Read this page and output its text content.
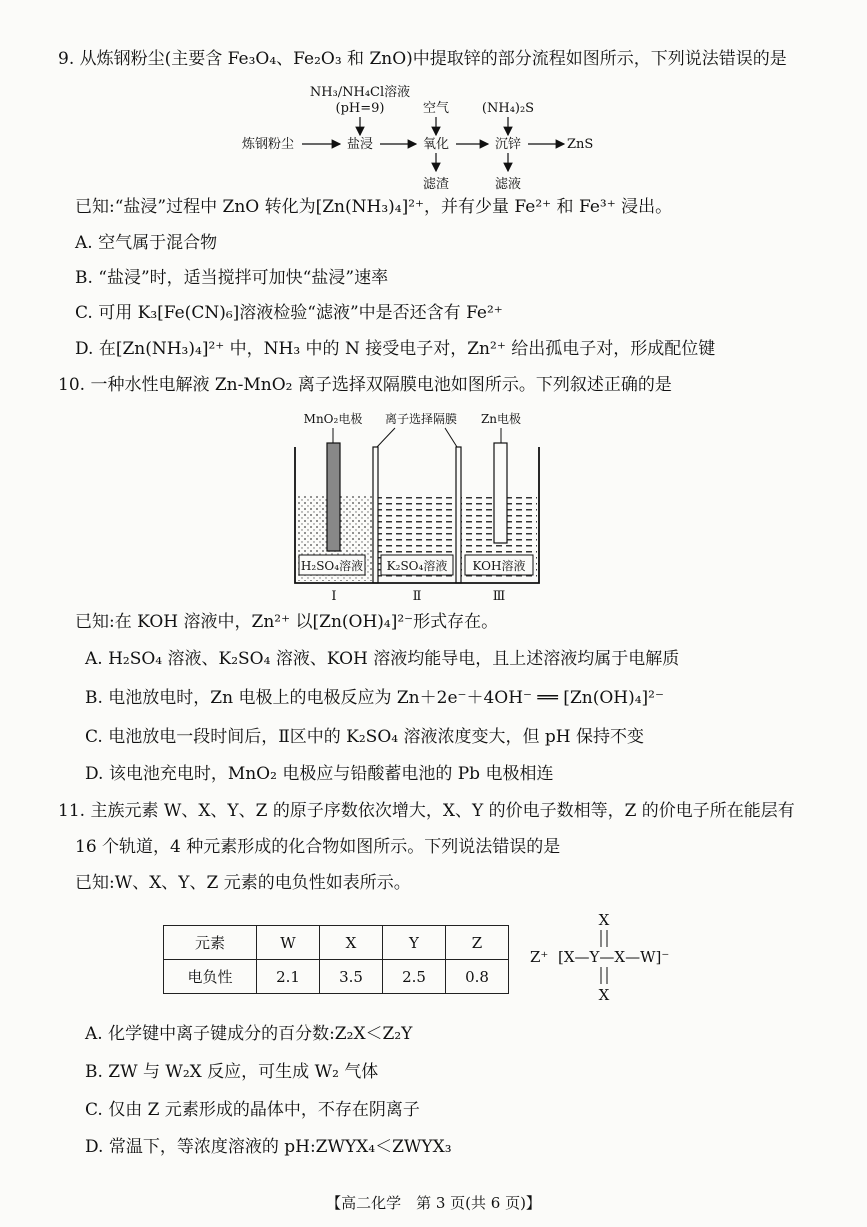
9. 从炼钢粉尘(主要含 Fe₃O₄、Fe₂O₃ 和 ZnO)中提取锌的部分流程如图所示，下列说法错误的是
NH₃/NH₄Cl溶液
(pH=9)	空气	(NH₄)₂S
炼钢粉尘	盐浸	氧化	沉锌	ZnS
滤渣	滤液
已知:“盐浸”过程中 ZnO 转化为[Zn(NH₃)₄]²⁺，并有少量 Fe²⁺ 和 Fe³⁺ 浸出。
A. 空气属于混合物
B. “盐浸”时，适当搅拌可加快“盐浸”速率
C. 可用 K₃[Fe(CN)₆]溶液检验“滤液”中是否还含有 Fe²⁺
D. 在[Zn(NH₃)₄]²⁺ 中，NH₃ 中的 N 接受电子对，Zn²⁺ 给出孤电子对，形成配位键
10. 一种水性电解液 Zn-MnO₂ 离子选择双隔膜电池如图所示。下列叙述正确的是
MnO₂电极 离子选择隔膜 Zn电极
H₂SO₄溶液 K₂SO₄溶液 KOH溶液
Ⅰ	Ⅱ	Ⅲ
已知:在 KOH 溶液中，Zn²⁺ 以[Zn(OH)₄]²⁻形式存在。
A. H₂SO₄ 溶液、K₂SO₄ 溶液、KOH 溶液均能导电，且上述溶液均属于电解质
B. 电池放电时，Zn 电极上的电极反应为 Zn＋2e⁻＋4OH⁻ ══ [Zn(OH)₄]²⁻
C. 电池放电一段时间后，Ⅱ区中的 K₂SO₄ 溶液浓度变大，但 pH 保持不变
D. 该电池充电时，MnO₂ 电极应与铅酸蓄电池的 Pb 电极相连
11. 主族元素 W、X、Y、Z 的原子序数依次增大，X、Y 的价电子数相等，Z 的价电子所在能层有
16 个轨道，4 种元素形成的化合物如图所示。下列说法错误的是
已知:W、X、Y、Z 元素的电负性如表所示。
元素	W	X	Y	Z
电负性	2.1	3.5	2.5	0.8
X
Z⁺ [X—Y—X—W]⁻
X
A. 化学键中离子键成分的百分数:Z₂X＜Z₂Y
B. ZW 与 W₂X 反应，可生成 W₂ 气体
C. 仅由 Z 元素形成的晶体中，不存在阴离子
D. 常温下，等浓度溶液的 pH:ZWYX₄＜ZWYX₃
【高二化学　第 3 页(共 6 页)】
